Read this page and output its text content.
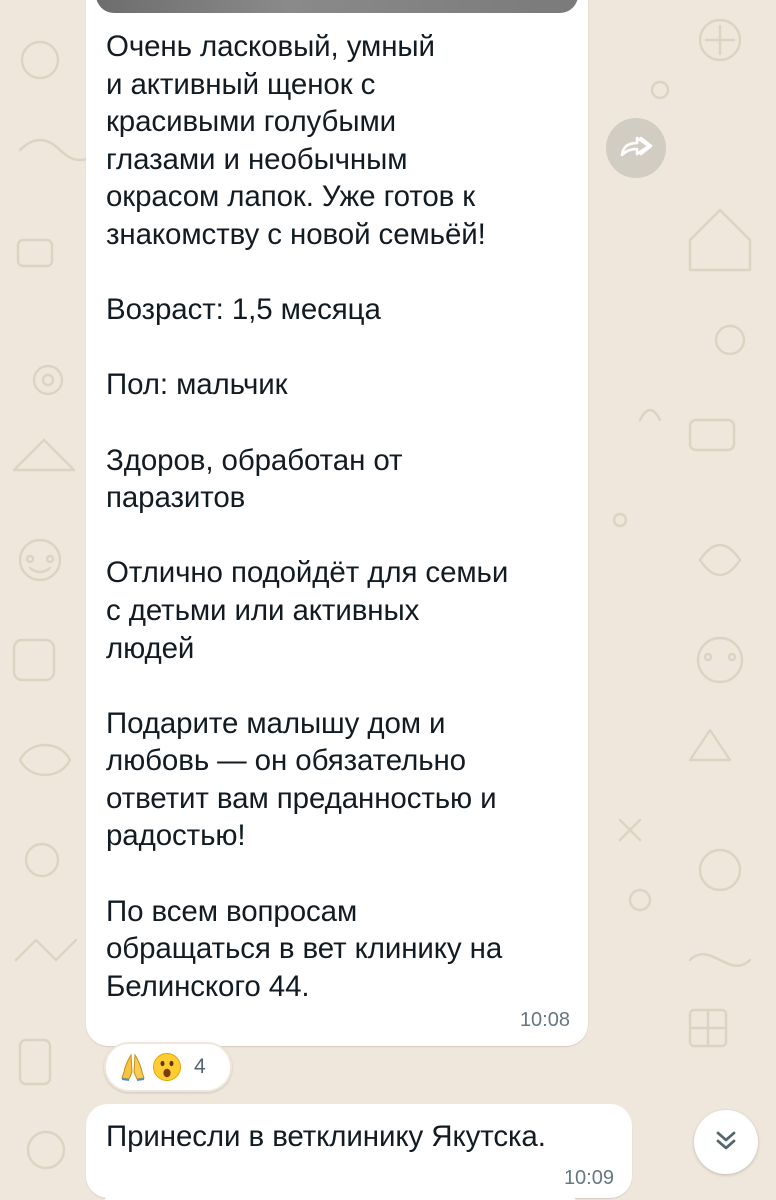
Очень ласковый, умный
и активный щенок с
красивыми голубыми
глазами и необычным
окрасом лапок. Уже готов к
знакомству с новой семьёй!

Возраст: 1,5 месяца

Пол: мальчик

Здоров, обработан от
паразитов

Отлично подойдёт для семьи
с детьми или активных
людей

Подарите малышу дом и
любовь — он обязательно
ответит вам преданностью и
радостью!

По всем вопросам
обращаться в вет клинику на
Белинского 44.
10:08
4
Принесли в ветклинику Якутска.
10:09
